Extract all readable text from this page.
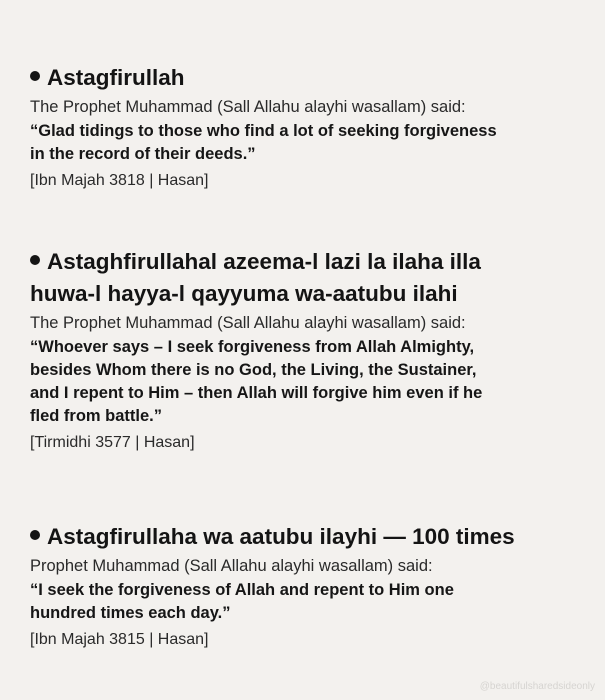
Astagfirullah

The Prophet Muhammad (Sall Allahu alayhi wasallam) said:

“Glad tidings to those who find a lot of seeking forgiveness
in the record of their deeds.”

[Ibn Majah 3818 | Hasan]

Astaghfirullahal azeema-l lazi la ilaha illa
huwa-l hayya-l qayyuma wa-aatubu ilahi

The Prophet Muhammad (Sall Allahu alayhi wasallam) said:

“Whoever says – I seek forgiveness from Allah Almighty,
besides Whom there is no God, the Living, the Sustainer,
and I repent to Him – then Allah will forgive him even if he
fled from battle.”

[Tirmidhi 3577 | Hasan]

Astagfirullaha wa aatubu ilayhi — 100 times

Prophet Muhammad (Sall Allahu alayhi wasallam) said:

“I seek the forgiveness of Allah and repent to Him one
hundred times each day.”

[Ibn Majah 3815 | Hasan]

@beautifulsharedsideonly
